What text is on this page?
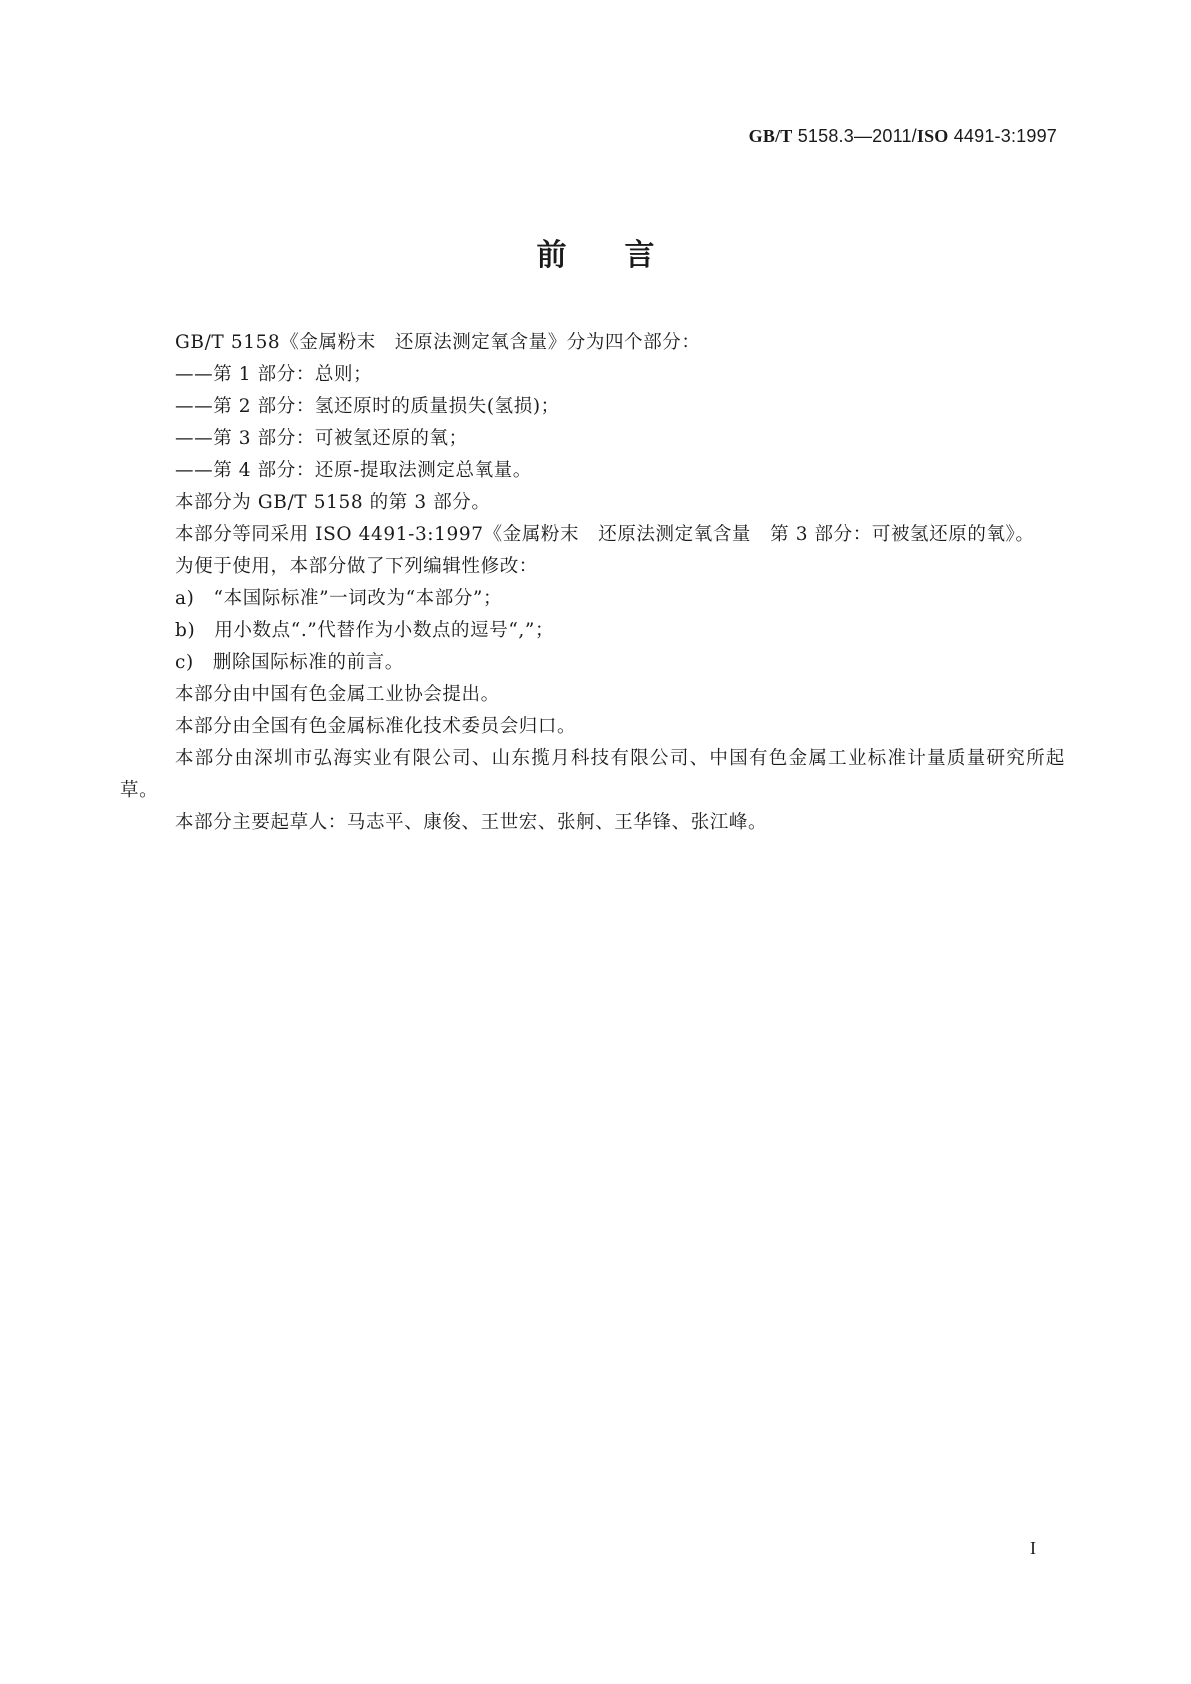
GB/T 5158.3—2011/ISO 4491-3:1997
前言

GB/T 5158《金属粉末　还原法测定氧含量》分为四个部分：

——第 1 部分：总则；

——第 2 部分：氢还原时的质量损失(氢损)；

——第 3 部分：可被氢还原的氧；

——第 4 部分：还原-提取法测定总氧量。

本部分为 GB/T 5158 的第 3 部分。

本部分等同采用 ISO 4491-3:1997《金属粉末　还原法测定氧含量　第 3 部分：可被氢还原的氧》。

为便于使用，本部分做了下列编辑性修改：

a)　“本国际标准”一词改为“本部分”；

b)　用小数点“.”代替作为小数点的逗号“,”；

c)　删除国际标准的前言。

本部分由中国有色金属工业协会提出。

本部分由全国有色金属标准化技术委员会归口。

本部分由深圳市弘海实业有限公司、山东揽月科技有限公司、中国有色金属工业标准计量质量研究所起草。

本部分主要起草人：马志平、康俊、王世宏、张舸、王华锋、张江峰。

I
